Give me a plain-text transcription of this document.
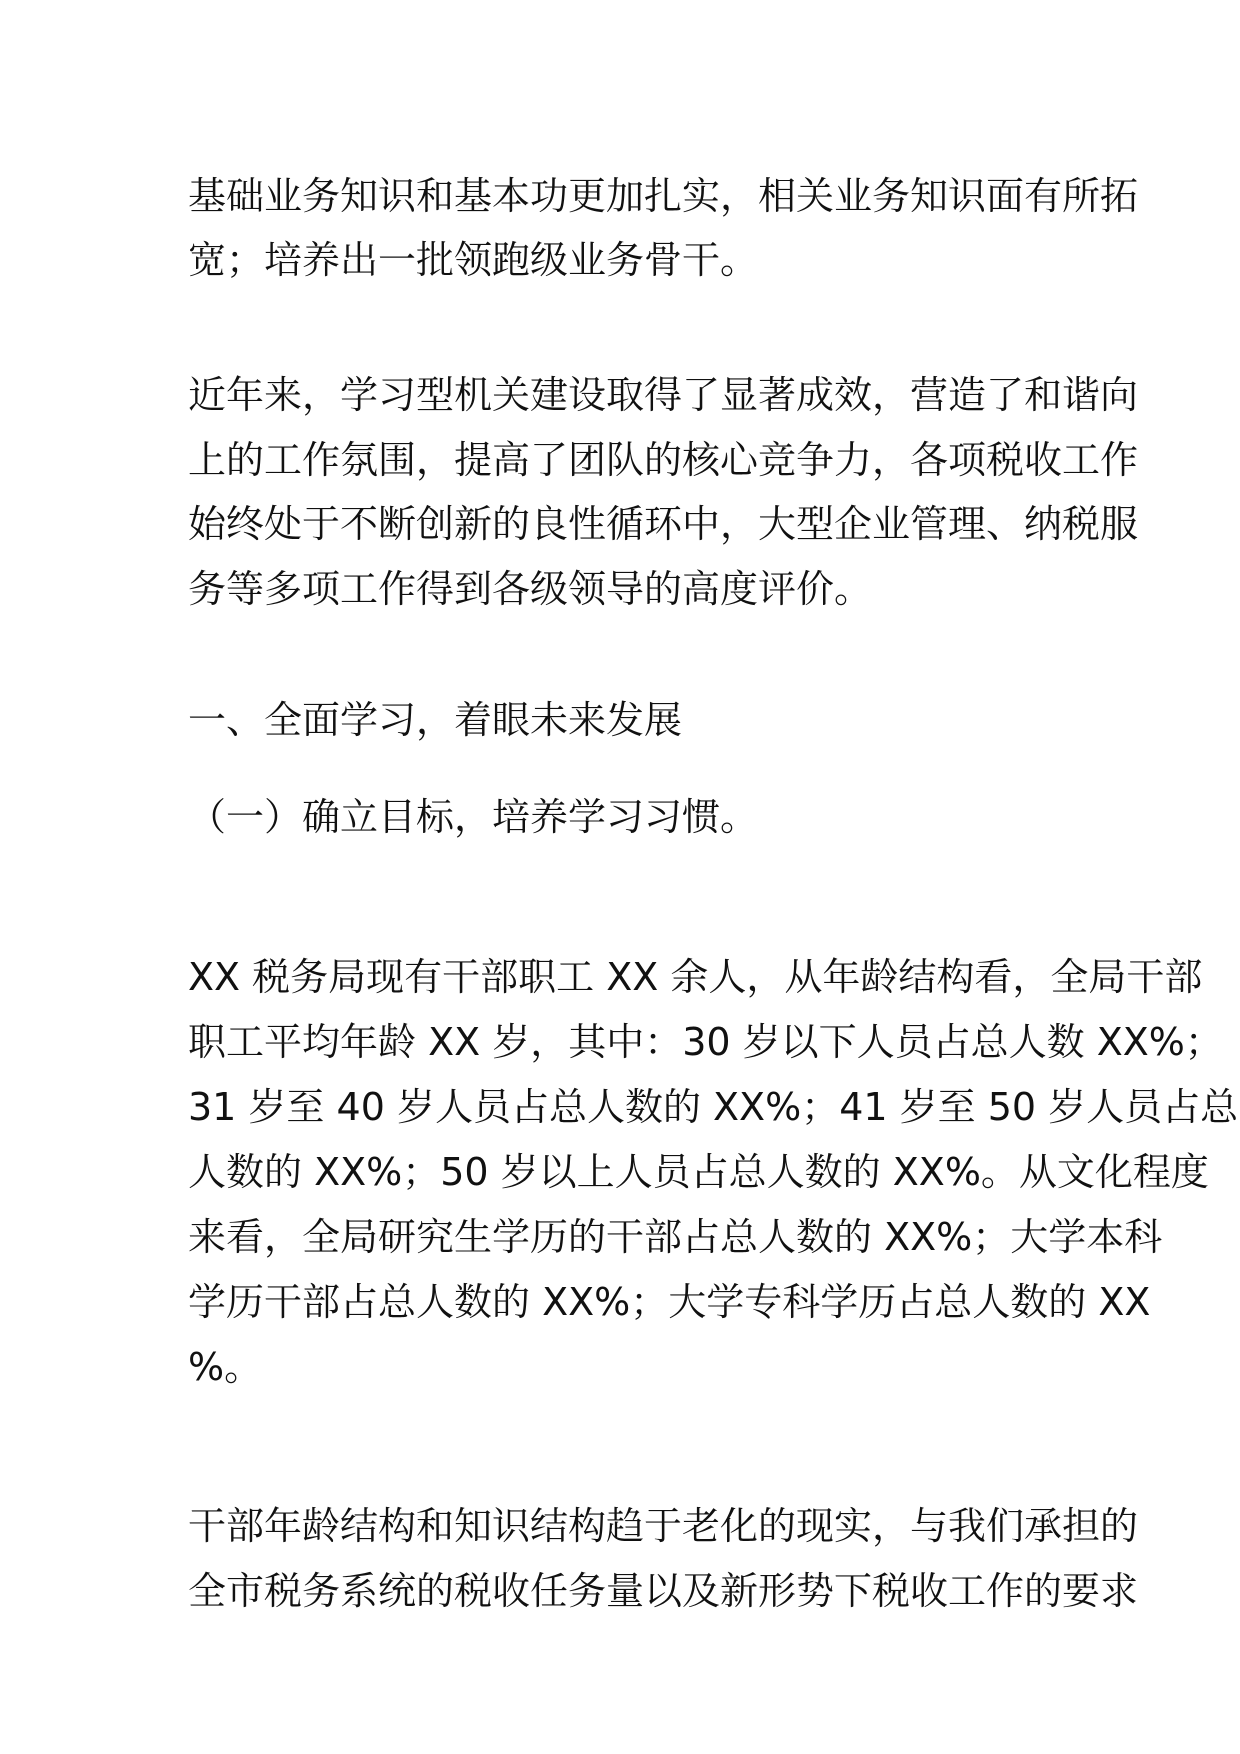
基础业务知识和基本功更加扎实，相关业务知识面有所拓
宽；培养出一批领跑级业务骨干。
近年来，学习型机关建设取得了显著成效，营造了和谐向
上的工作氛围，提高了团队的核心竞争力，各项税收工作
始终处于不断创新的良性循环中，大型企业管理、纳税服
务等多项工作得到各级领导的高度评价。
一、全面学习，着眼未来发展
（一）确立目标，培养学习习惯。
XX 税务局现有干部职工 XX 余人，从年龄结构看，全局干部
职工平均年龄 XX 岁，其中：30 岁以下人员占总人数 XX%；
31 岁至 40 岁人员占总人数的 XX%；41 岁至 50 岁人员占总
人数的 XX%；50 岁以上人员占总人数的 XX%。从文化程度
来看，全局研究生学历的干部占总人数的 XX%；大学本科
学历干部占总人数的 XX%；大学专科学历占总人数的 XX
%。
干部年龄结构和知识结构趋于老化的现实，与我们承担的
全市税务系统的税收任务量以及新形势下税收工作的要求
